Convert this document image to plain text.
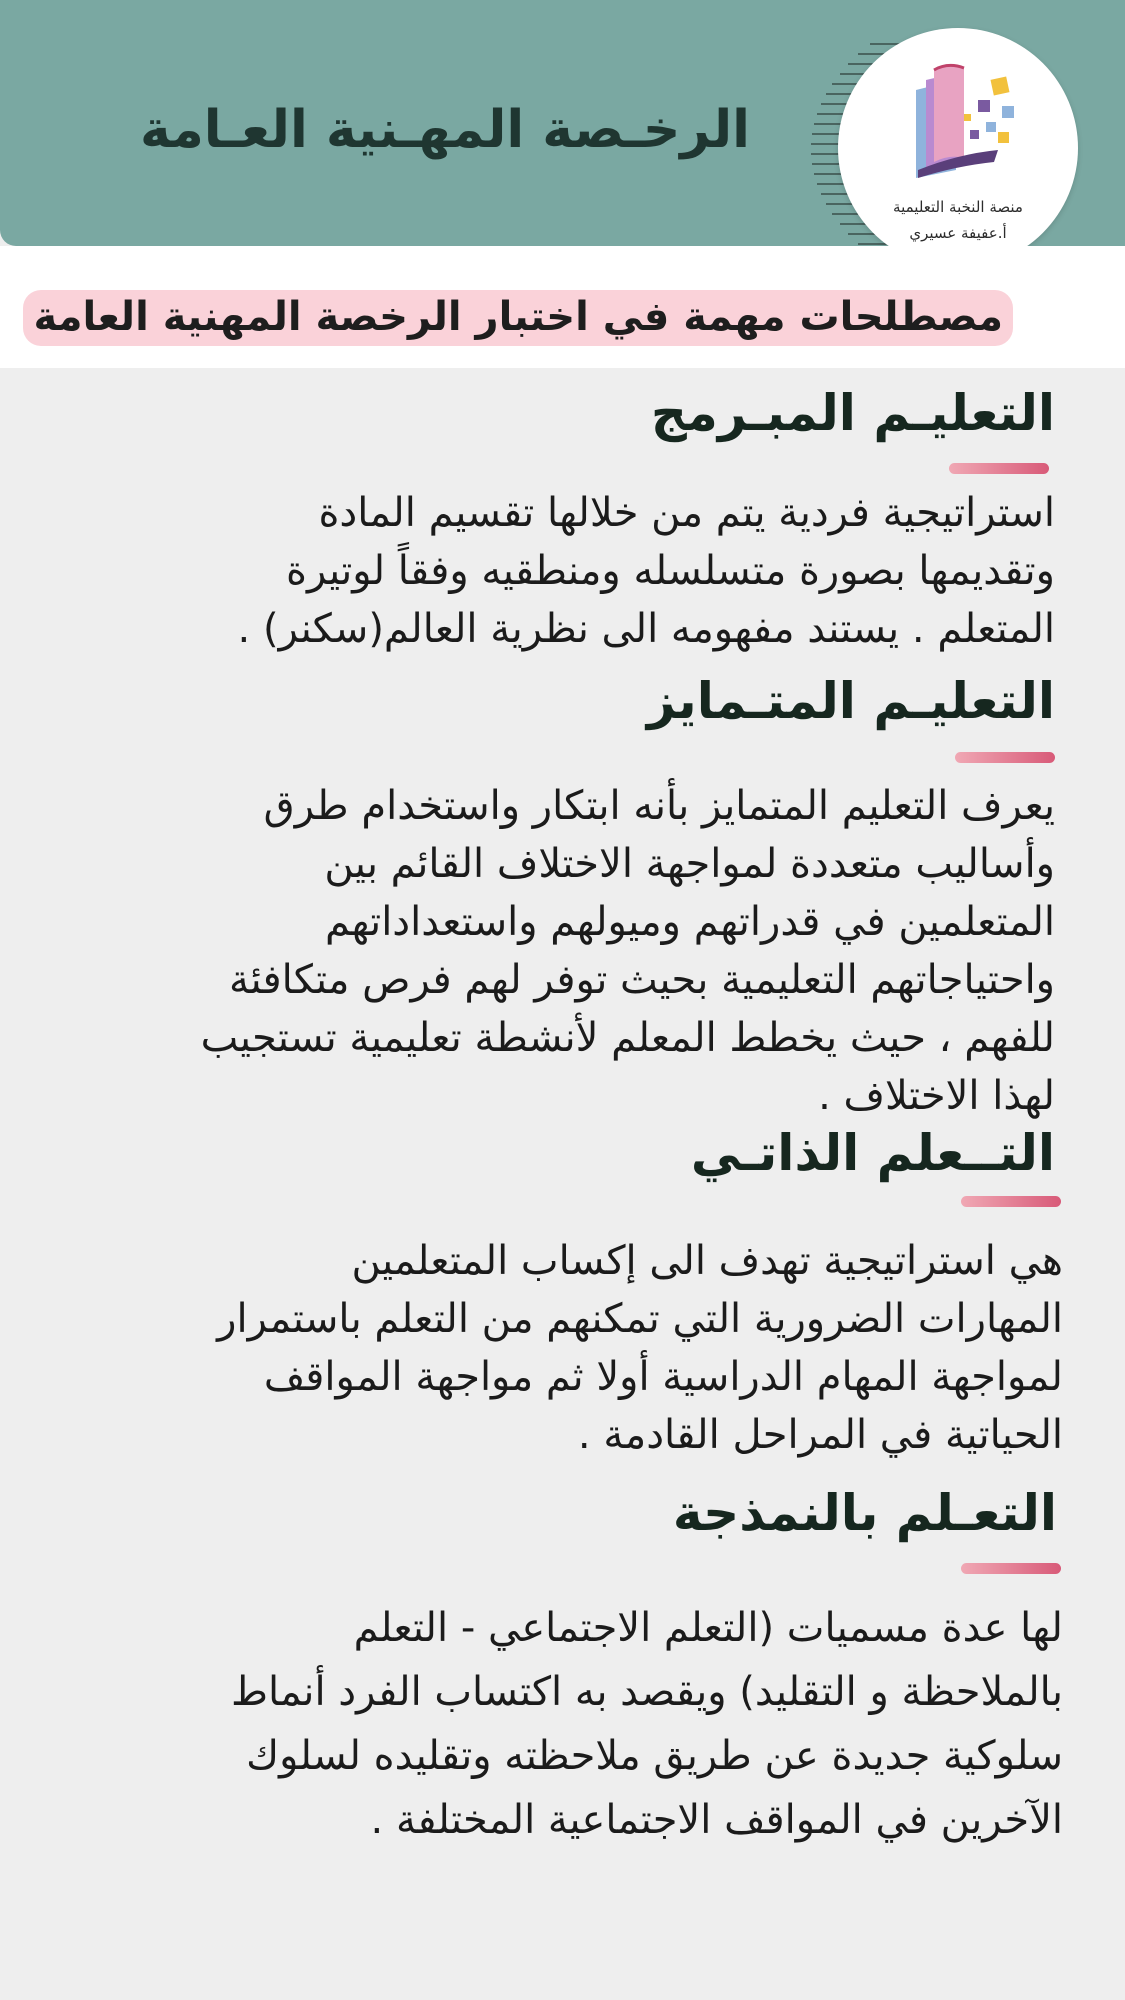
الرخـصة المهـنية العـامة
منصة النخبة التعليمية
أ.عفيفة عسيري
مصطلحات مهمة في اختبار الرخصة المهنية العامة
التعليـم المبـرمج
استراتيجية فردية يتم من خلالها تقسيم المادة
وتقديمها بصورة متسلسله ومنطقيه وفقاً لوتيرة
المتعلم . يستند مفهومه الى نظرية العالم(سكنر) .
التعليـم المتـمايز
يعرف التعليم المتمايز بأنه ابتكار واستخدام طرق
وأساليب متعددة لمواجهة الاختلاف القائم بين
المتعلمين في قدراتهم وميولهم واستعداداتهم
واحتياجاتهم التعليمية بحيث توفر لهم فرص متكافئة
للفهم ، حيث يخطط المعلم لأنشطة تعليمية تستجيب
لهذا الاختلاف .
التــعلم الذاتـي
هي استراتيجية تهدف الى إكساب المتعلمين
المهارات الضرورية التي تمكنهم من التعلم باستمرار
لمواجهة المهام الدراسية أولا ثم مواجهة المواقف
الحياتية في المراحل القادمة .
التعـلم بالنمذجة
لها عدة مسميات (التعلم الاجتماعي - التعلم
بالملاحظة و التقليد) ويقصد به اكتساب الفرد أنماط
سلوكية جديدة عن طريق ملاحظته وتقليده لسلوك
الآخرين في المواقف الاجتماعية المختلفة .
